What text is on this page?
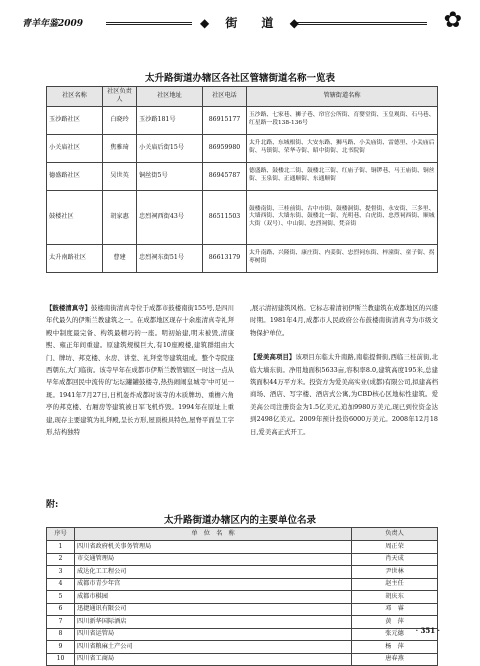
青羊年鉴2009	◆ 街　道 ◆	✿
太升路街道办辖区各社区管辖街道名称一览表
社区名称	社区负责人	社区地址	社区电话	管辖街道名称
玉沙路社区	白晓玲	玉沙路181号	86915177	玉沙路、七家巷、狮子巷、帘官公所街、育婴堂街、玉皇观街、石马巷、红星路一段138-136号
小关庙社区	焦雅琦	小关庙后街15号	86959980	太升北路、东城根街、大安东路、狮马路、小关庙街、雷德里、小关庙后街、马镇街、荣华寺街、昭中街街、北书院街
德盛路社区	吴世英	铜丝街5号	86945787	德盛路、鼓楼北二街、鼓楼北三街、红庙子街、铜锣巷、马王庙街、铜丝街、玉泉街、正通顺街、东通顺街
鼓楼社区	胡家惠	忠烈祠西街43号	86511503	鼓楼南街、三桂前街、古中市街、鼓楼洞街、提督街、永安街、三多里、大墙西街、大墙东街、鼓楼北一街、光明巷、白虎街、忠烈祠西街、顺城大街（双号）、中山街、忠烈祠街、梵音街
太升南路社区	曹建	忠烈祠东街51号	86613179	太升南路、兴隆街、康庄街、内姜街、忠烈祠东街、梓潼街、童子街、拐枣树街

【鼓楼清真寺】鼓楼南街清真寺位于成都市鼓楼南街155号,是四川年代最久的伊斯兰教建筑之一。在成都地区现存十余座清真寺礼拜殿中制度最完备、构筑最精巧的一座。明初始建,明末被毁,清康熙、雍正年间重建。原建筑规模巨大,有10座殿楼,建筑群组由大门、牌坊、邦克楼、水房、讲堂、礼拜堂等建筑组成。整个寺院座西朝东,大门临街。该寺早年在成都市伊斯兰教管辖区一时这一点从早年成都回民中流传的'坛坛罐罐鼓楼寺,热热闹闹皇城寺'中可见一斑。1941年7月27日,日机轰炸成都时该寺的木质牌坊、重檐六角亭的邦克楼、右厢房等建筑被日军飞机炸毁。1994年在原址上重建,现存主要建筑为礼拜殿,呈长方形,屋顶极具特色,屋脊平面呈工字形,结构独特

,展示清初建筑风格。它标志着清初伊斯兰教建筑在成都地区的兴盛时期。1981年4月,成都市人民政府公布鼓楼南街清真寺为市级文物保护单位。

【爱美高项目】该项目东临太升南路,南临提督街,西临三桂前街,北临大墙东街。净用地面积5633亩,容积率8.0,建筑高度195米,总建筑面积44万平方米。投资方为爱美高实业(成都)有限公司,拟建高档商场、酒店、写字楼、酒店式公寓,为CBD核心区地标性建筑。爱美高公司注册资金为1.5亿美元,追加9980万美元,现已到位资金达到2498亿美元。2009年预计投资6000万美元。2008年12月18日,爱美高正式开工。

附:
太升路街道办辖区内的主要单位名录
序号	单　位　名　称	负责人
1	四川省政府机关事务管理局	周正荣
2	市交通管理局	肖天成
3	成达化工工程公司	尹世林
4	成都市青少年宫	赵主任
5	成都市棋园	胡庆东
6	迅捷通讯有限公司	邓　睿
7	四川新华国际酒店	黄　萍
8	四川省运管局	张元德
9	四川省粮麻土产公司	杨　萍
10	四川省工商局	唐春燕
· 351 ·
